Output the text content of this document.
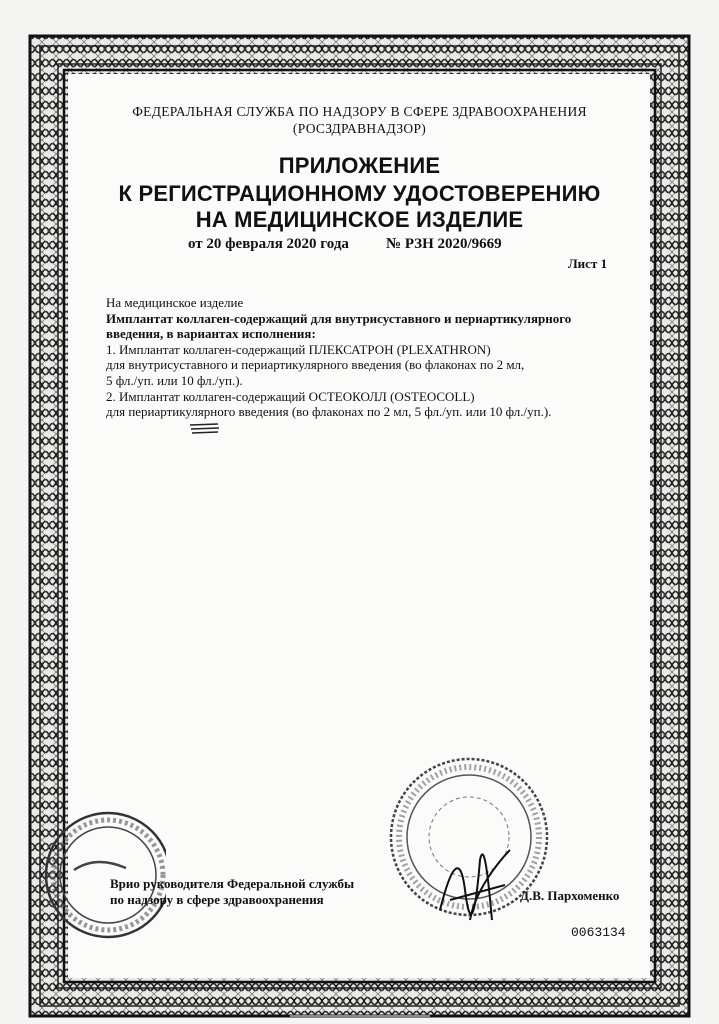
ФЕДЕРАЛЬНАЯ СЛУЖБА ПО НАДЗОРУ В СФЕРЕ ЗДРАВООХРАНЕНИЯ
(РОСЗДРАВНАДЗОР)
ПРИЛОЖЕНИЕ
К РЕГИСТРАЦИОННОМУ УДОСТОВЕРЕНИЮ
НА МЕДИЦИНСКОЕ ИЗДЕЛИЕ
от 20 февраля 2020 года № РЗН 2020/9669
Лист 1
На медицинское изделие
Имплантат коллаген-содержащий для внутрисуставного и периартикулярного
введения, в вариантах исполнения:
1. Имплантат коллаген-содержащий ПЛЕКСАТРОН (PLEXATHRON)
для внутрисуставного и периартикулярного введения (во флаконах по 2 мл,
5 фл./уп. или 10 фл./уп.).
2. Имплантат коллаген-содержащий ОСТЕОКОЛЛ (OSTEOCOLL)
для периартикулярного введения (во флаконах по 2 мл, 5 фл./уп. или 10 фл./уп.).
Врио руководителя Федеральной службы
по надзору в сфере здравоохранения	Д.В. Пархоменко
0063134
